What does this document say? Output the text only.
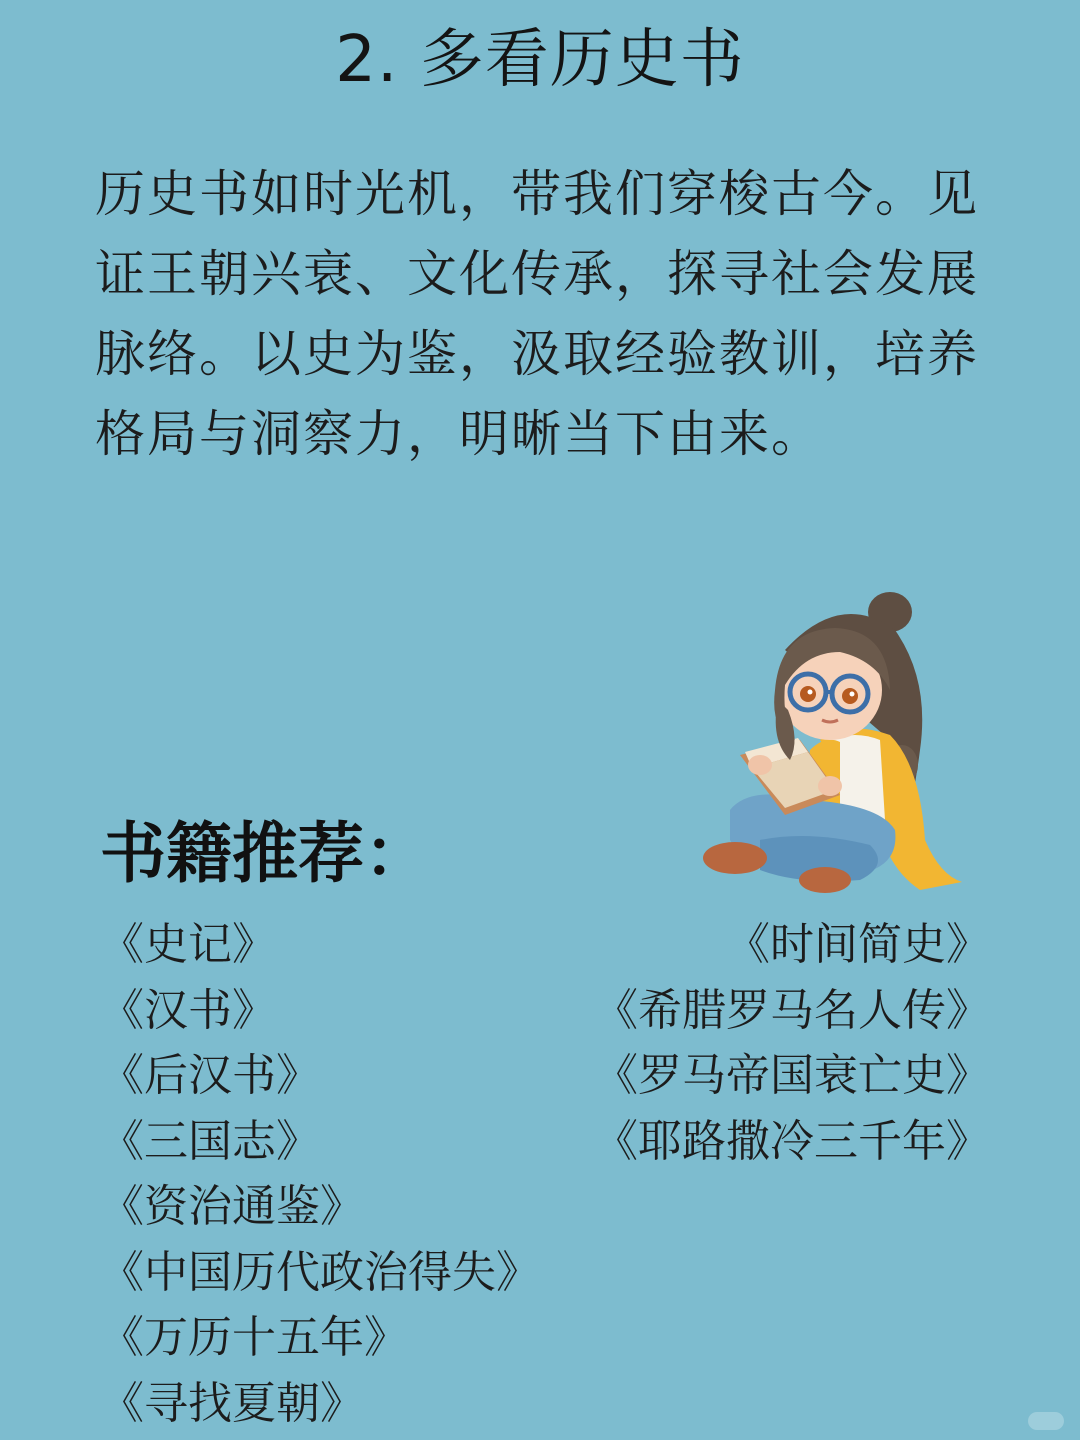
2. 多看历史书
历史书如时光机，带我们穿梭古今。见证王朝兴衰、文化传承，探寻社会发展脉络。以史为鉴，汲取经验教训，培养格局与洞察力，明晰当下由来。
书籍推荐：
《史记》
《汉书》
《后汉书》
《三国志》
《资治通鉴》
《中国历代政治得失》
《万历十五年》
《寻找夏朝》
《时间简史》
《希腊罗马名人传》
《罗马帝国衰亡史》
《耶路撒冷三千年》
